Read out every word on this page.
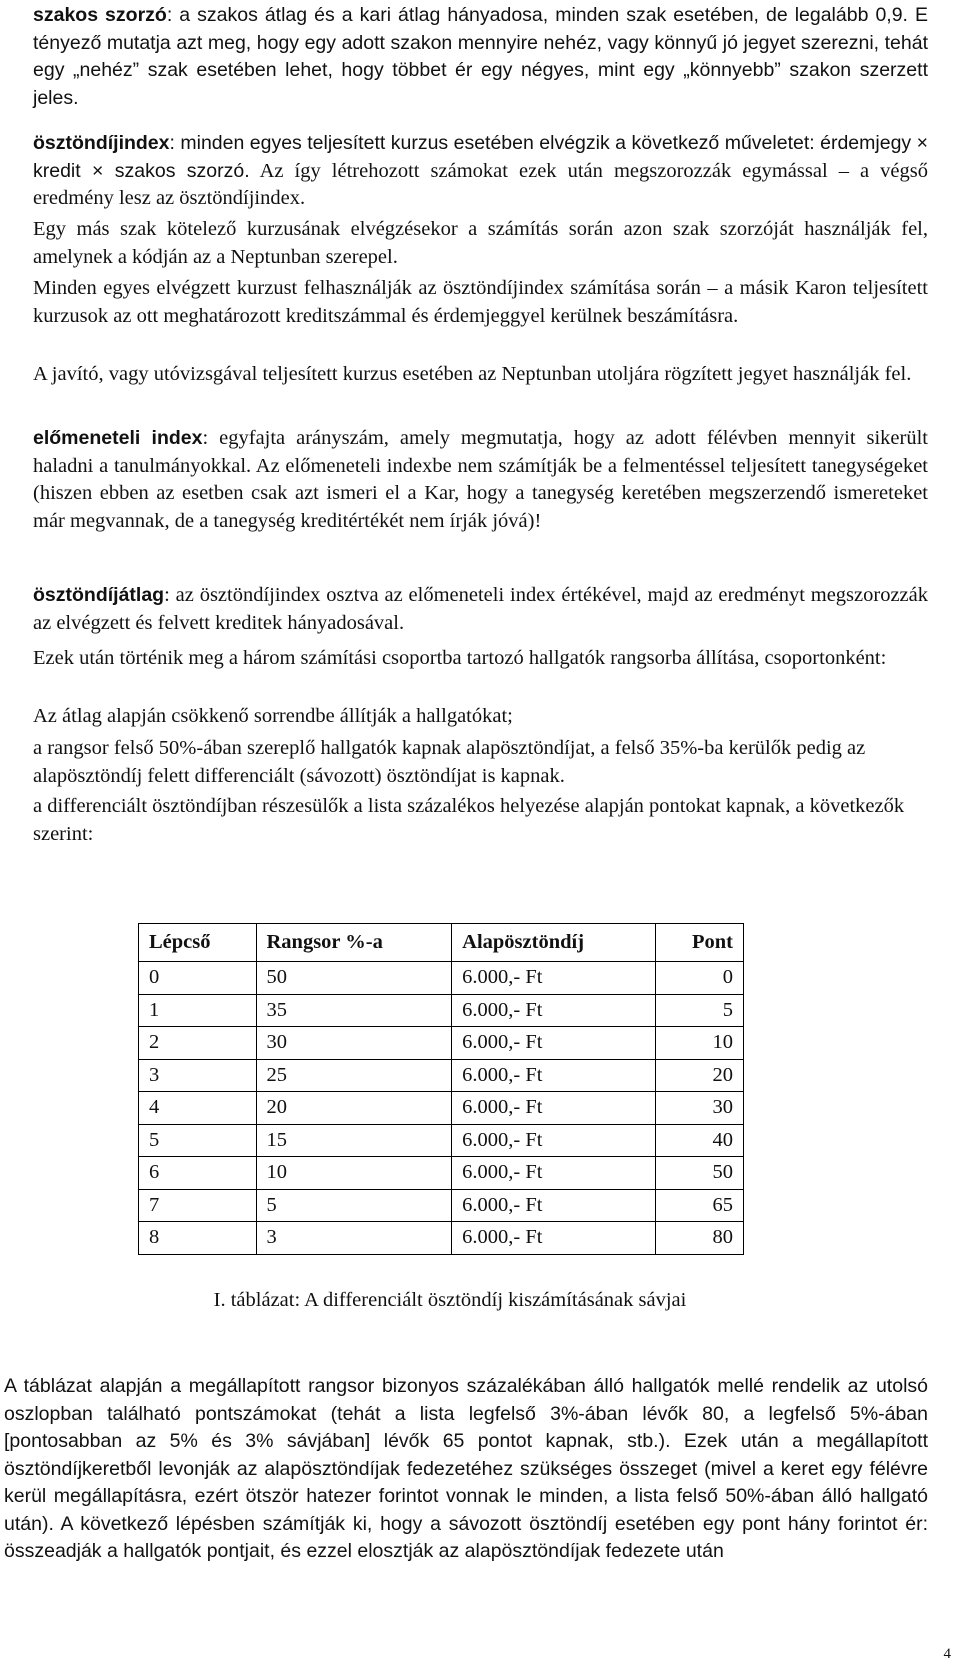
szakos szorzó: a szakos átlag és a kari átlag hányadosa, minden szak esetében, de legalább 0,9. E tényező mutatja azt meg, hogy egy adott szakon mennyire nehéz, vagy könnyű jó jegyet szerezni, tehát egy „nehéz” szak esetében lehet, hogy többet ér egy négyes, mint egy „könnyebb” szakon szerzett jeles.

ösztöndíjindex: minden egyes teljesített kurzus esetében elvégzik a következő műveletet: érdemjegy × kredit × szakos szorzó. Az így létrehozott számokat ezek után megszorozzák egymással – a végső eredmény lesz az ösztöndíjindex.

Egy más szak kötelező kurzusának elvégzésekor a számítás során azon szak szorzóját használják fel, amelynek a kódján az a Neptunban szerepel.

Minden egyes elvégzett kurzust felhasználják az ösztöndíjindex számítása során – a másik Karon teljesített kurzusok az ott meghatározott kreditszámmal és érdemjeggyel kerülnek beszámításra.

A javító, vagy utóvizsgával teljesített kurzus esetében az Neptunban utoljára rögzített jegyet használják fel.

előmeneteli index: egyfajta arányszám, amely megmutatja, hogy az adott félévben mennyit sikerült haladni a tanulmányokkal. Az előmeneteli indexbe nem számítják be a felmentéssel teljesített tanegységeket (hiszen ebben az esetben csak azt ismeri el a Kar, hogy a tanegység keretében megszerzendő ismereteket már megvannak, de a tanegység kreditértékét nem írják jóvá)!

ösztöndíjátlag: az ösztöndíjindex osztva az előmeneteli index értékével, majd az eredményt megszorozzák az elvégzett és felvett kreditek hányadosával.

Ezek után történik meg a három számítási csoportba tartozó hallgatók rangsorba állítása, csoportonként:

Az átlag alapján csökkenő sorrendbe állítják a hallgatókat;

a rangsor felső 50%-ában szereplő hallgatók kapnak alapösztöndíjat, a felső 35%-ba kerülők pedig az alapösztöndíj felett differenciált (sávozott) ösztöndíjat is kapnak.

a differenciált ösztöndíjban részesülők a lista százalékos helyezése alapján pontokat kapnak, a következők szerint:

Lépcső	Rangsor %-a	Alapösztöndíj	Pont
0	50	6.000,- Ft	0
1	35	6.000,- Ft	5
2	30	6.000,- Ft	10
3	25	6.000,- Ft	20
4	20	6.000,- Ft	30
5	15	6.000,- Ft	40
6	10	6.000,- Ft	50
7	5	6.000,- Ft	65
8	3	6.000,- Ft	80
I. táblázat: A differenciált ösztöndíj kiszámításának sávjai

A táblázat alapján a megállapított rangsor bizonyos százalékában álló hallgatók mellé rendelik az utolsó oszlopban található pontszámokat (tehát a lista legfelső 3%-ában lévők 80, a legfelső 5%-ában [pontosabban az 5% és 3% sávjában] lévők 65 pontot kapnak, stb.). Ezek után a megállapított ösztöndíjkeretből levonják az alapösztöndíjak fedezetéhez szükséges összeget (mivel a keret egy félévre kerül megállapításra, ezért ötször hatezer forintot vonnak le minden, a lista felső 50%-ában álló hallgató után). A következő lépésben számítják ki, hogy a sávozott ösztöndíj esetében egy pont hány forintot ér: összeadják a hallgatók pontjait, és ezzel elosztják az alapösztöndíjak fedezete után

4
